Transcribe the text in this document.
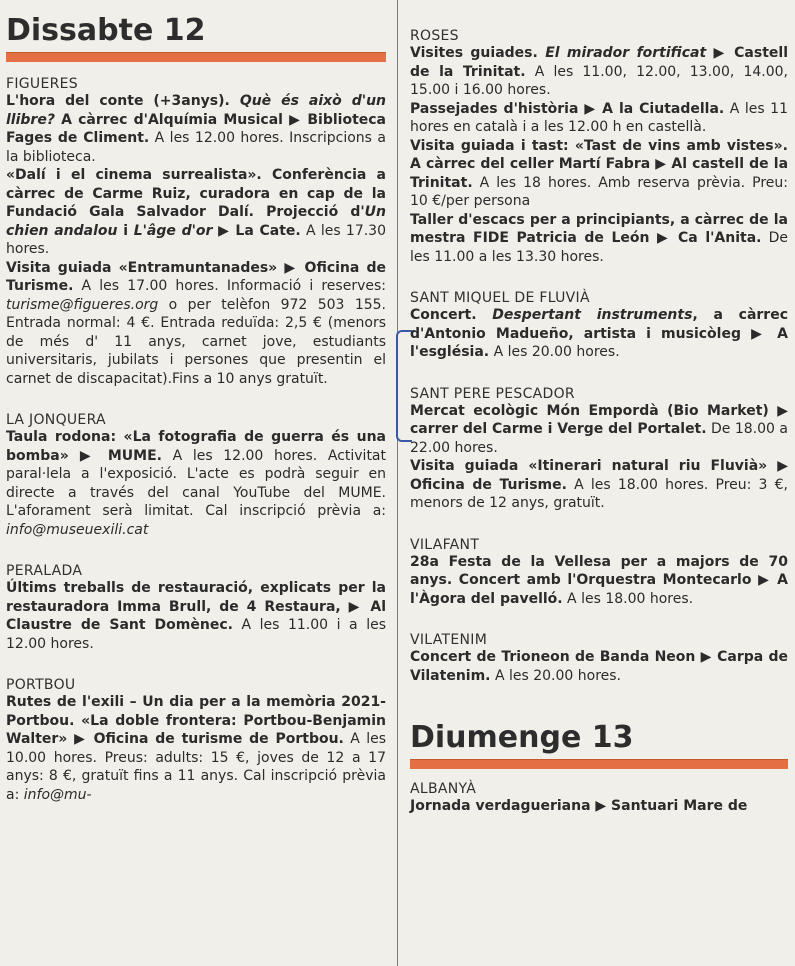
Dissabte 12

FIGUERES

L'hora del conte (+3anys). Què és això d'un llibre? A càrrec d'Alquímia Musical ▶ Biblioteca Fages de Climent. A les 12.00 hores. Inscripcions a la biblioteca.

«Dalí i el cinema surrealista». Conferència a càrrec de Carme Ruiz, curadora en cap de la Fundació Gala Salvador Dalí. Projecció d'Un chien andalou i L'âge d'or ▶ La Cate. A les 17.30 hores.

Visita guiada «Entramuntanades» ▶ Oficina de Turisme. A les 17.00 hores. Informació i reserves: turisme@figueres.org o per telèfon 972 503 155. Entrada normal: 4 €. Entrada reduïda: 2,5 € (menors de més d' 11 anys, carnet jove, estudiants universitaris, jubilats i persones que presentin el carnet de discapacitat).Fins a 10 anys gratuït.

LA JONQUERA

Taula rodona: «La fotografia de guerra és una bomba» ▶ MUME. A les 12.00 hores. Activitat paral·lela a l'exposició. L'acte es podrà seguir en directe a través del canal YouTube del MUME. L'aforament serà limitat. Cal inscripció prèvia a: info@museuexili.cat

PERALADA

Últims treballs de restauració, explicats per la restauradora Imma Brull, de 4 Restaura, ▶ Al Claustre de Sant Domènec. A les 11.00 i a les 12.00 hores.

PORTBOU

Rutes de l'exili – Un dia per a la memòria 2021- Portbou. «La doble frontera: Portbou-Benjamin Walter» ▶ Oficina de turisme de Portbou. A les 10.00 hores. Preus: adults: 15 €, joves de 12 a 17 anys: 8 €, gratuït fins a 11 anys. Cal inscripció prèvia a: info@mu-

ROSES

Visites guiades. El mirador fortificat ▶ Castell de la Trinitat. A les 11.00, 12.00, 13.00, 14.00, 15.00 i 16.00 hores.

Passejades d'història ▶ A la Ciutadella. A les 11 hores en català i a les 12.00 h en castellà.

Visita guiada i tast: «Tast de vins amb vistes». A càrrec del celler Martí Fabra ▶ Al castell de la Trinitat. A les 18 hores. Amb reserva prèvia. Preu: 10 €/per persona

Taller d'escacs per a principiants, a càrrec de la mestra FIDE Patricia de León ▶ Ca l'Anita. De les 11.00 a les 13.30 hores.

SANT MIQUEL DE FLUVIÀ

Concert. Despertant instruments, a càrrec d'Antonio Madueño, artista i musicòleg ▶ A l'església. A les 20.00 hores.

SANT PERE PESCADOR

Mercat ecològic Món Empordà (Bio Market) ▶ carrer del Carme i Verge del Portalet. De 18.00 a 22.00 hores.

Visita guiada «Itinerari natural riu Fluvià» ▶ Oficina de Turisme. A les 18.00 hores. Preu: 3 €, menors de 12 anys, gratuït.

VILAFANT

28a Festa de la Vellesa per a majors de 70 anys. Concert amb l'Orquestra Montecarlo ▶ A l'Àgora del pavelló. A les 18.00 hores.

VILATENIM

Concert de Trioneon de Banda Neon ▶ Carpa de Vilatenim. A les 20.00 hores.

Diumenge 13

ALBANYÀ

Jornada verdagueriana ▶ Santuari Mare de
